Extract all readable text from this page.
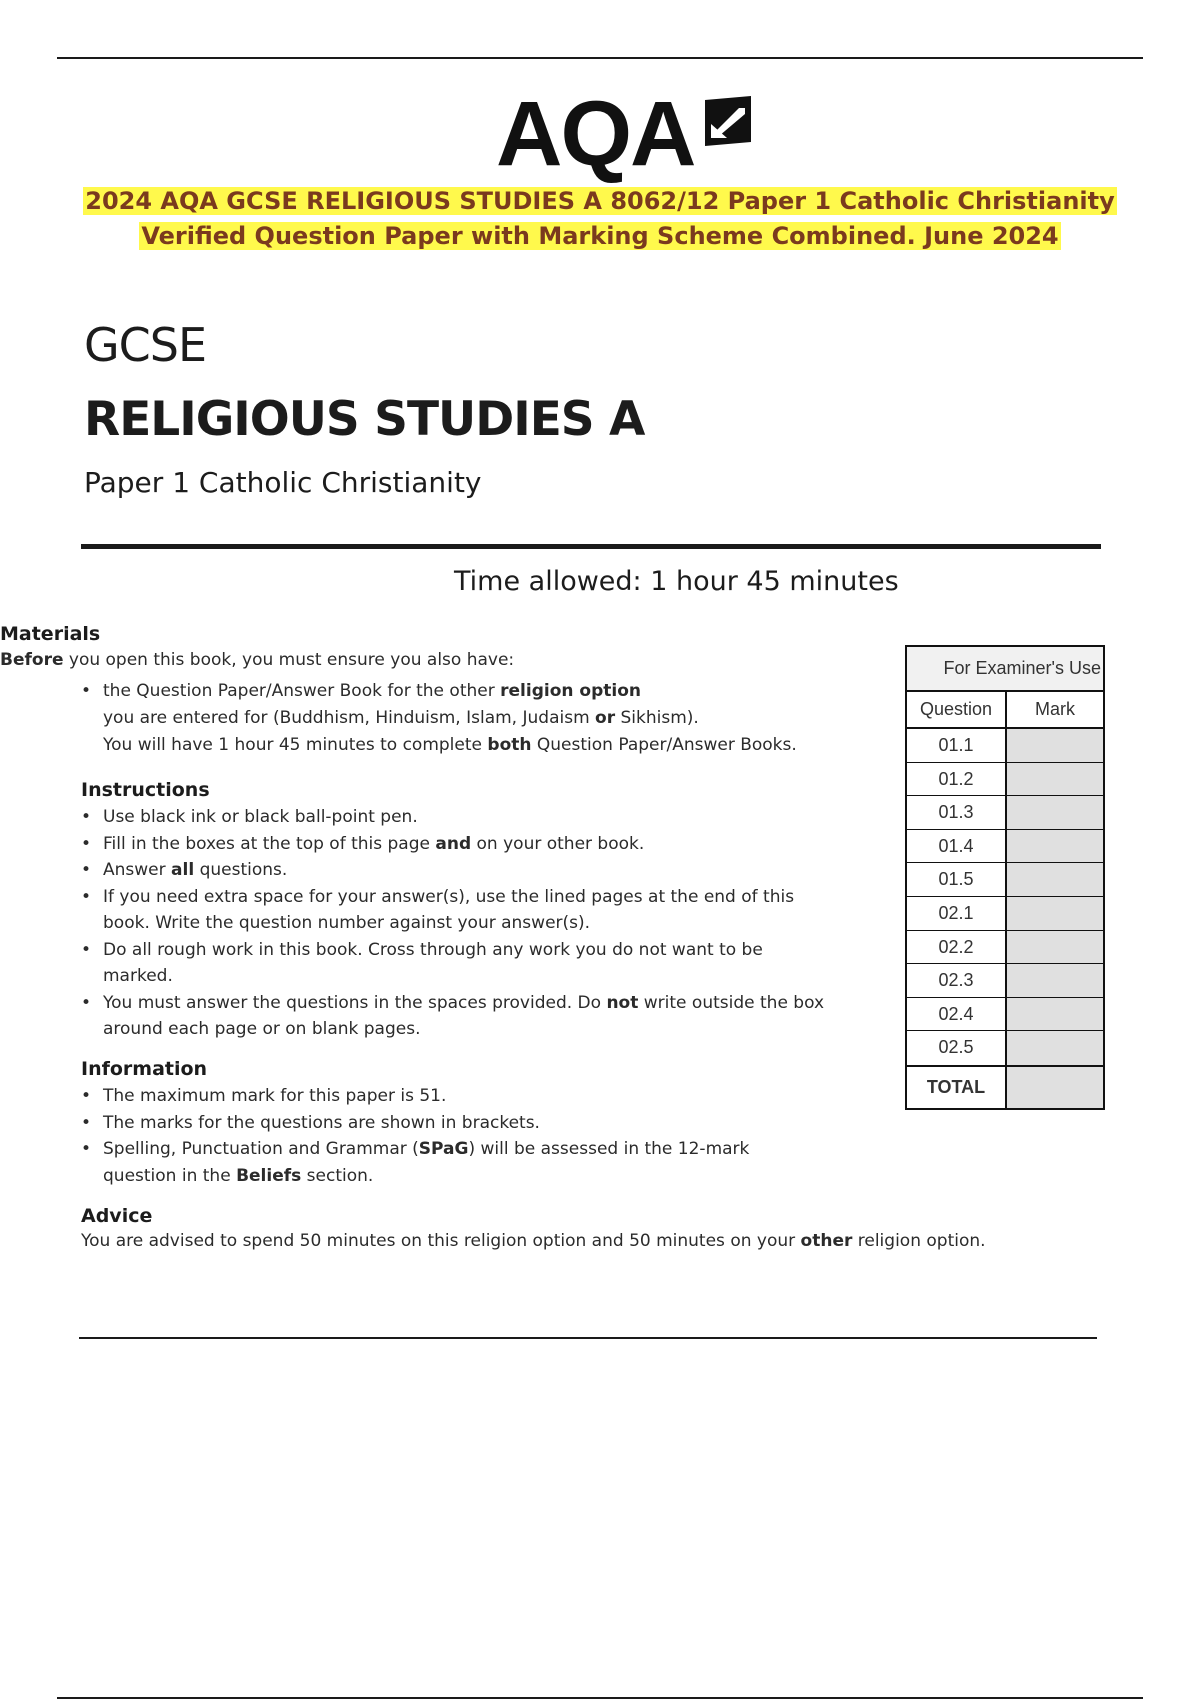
AQA
2024 AQA GCSE RELIGIOUS STUDIES A 8062/12 Paper 1 Catholic Christianity
Verified Question Paper with Marking Scheme Combined. June 2024
GCSE
RELIGIOUS STUDIES A
Paper 1 Catholic Christianity
Time allowed: 1 hour 45 minutes
Materials
Before you open this book, you must ensure you also have:
• the Question Paper/Answer Book for the other religion option
you are entered for (Buddhism, Hinduism, Islam, Judaism or Sikhism).
You will have 1 hour 45 minutes to complete both Question Paper/Answer Books.
Instructions
• Use black ink or black ball-point pen.
• Fill in the boxes at the top of this page and on your other book.
• Answer all questions.
• If you need extra space for your answer(s), use the lined pages at the end of this
book. Write the question number against your answer(s).
• Do all rough work in this book. Cross through any work you do not want to be
marked.
• You must answer the questions in the spaces provided. Do not write outside the box
around each page or on blank pages.
Information
• The maximum mark for this paper is 51.
• The marks for the questions are shown in brackets.
• Spelling, Punctuation and Grammar (SPaG) will be assessed in the 12-mark
question in the Beliefs section.
Advice
You are advised to spend 50 minutes on this religion option and 50 minutes on your other religion option.
For Examiner's Use
Question	Mark
01.1
01.2
01.3
01.4
01.5
02.1
02.2
02.3
02.4
02.5
TOTAL
